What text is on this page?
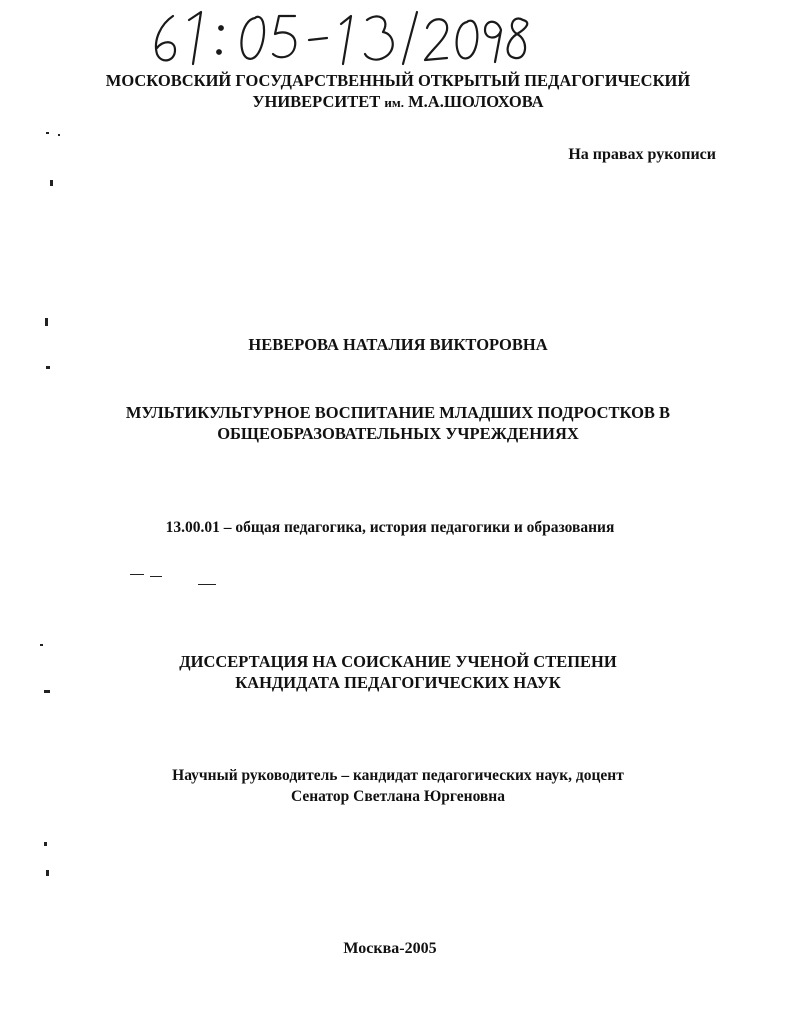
МОСКОВСКИЙ ГОСУДАРСТВЕННЫЙ ОТКРЫТЫЙ ПЕДАГОГИЧЕСКИЙ
УНИВЕРСИТЕТ им. М.А.ШОЛОХОВА
На правах рукописи
НЕВЕРОВА НАТАЛИЯ ВИКТОРОВНА
МУЛЬТИКУЛЬТУРНОЕ ВОСПИТАНИЕ МЛАДШИХ ПОДРОСТКОВ В
ОБЩЕОБРАЗОВАТЕЛЬНЫХ УЧРЕЖДЕНИЯХ
13.00.01 – общая педагогика, история педагогики и образования
ДИССЕРТАЦИЯ НА СОИСКАНИЕ УЧЕНОЙ СТЕПЕНИ
КАНДИДАТА ПЕДАГОГИЧЕСКИХ НАУК
Научный руководитель – кандидат педагогических наук, доцент
Сенатор Светлана Юргеновна
Москва-2005
